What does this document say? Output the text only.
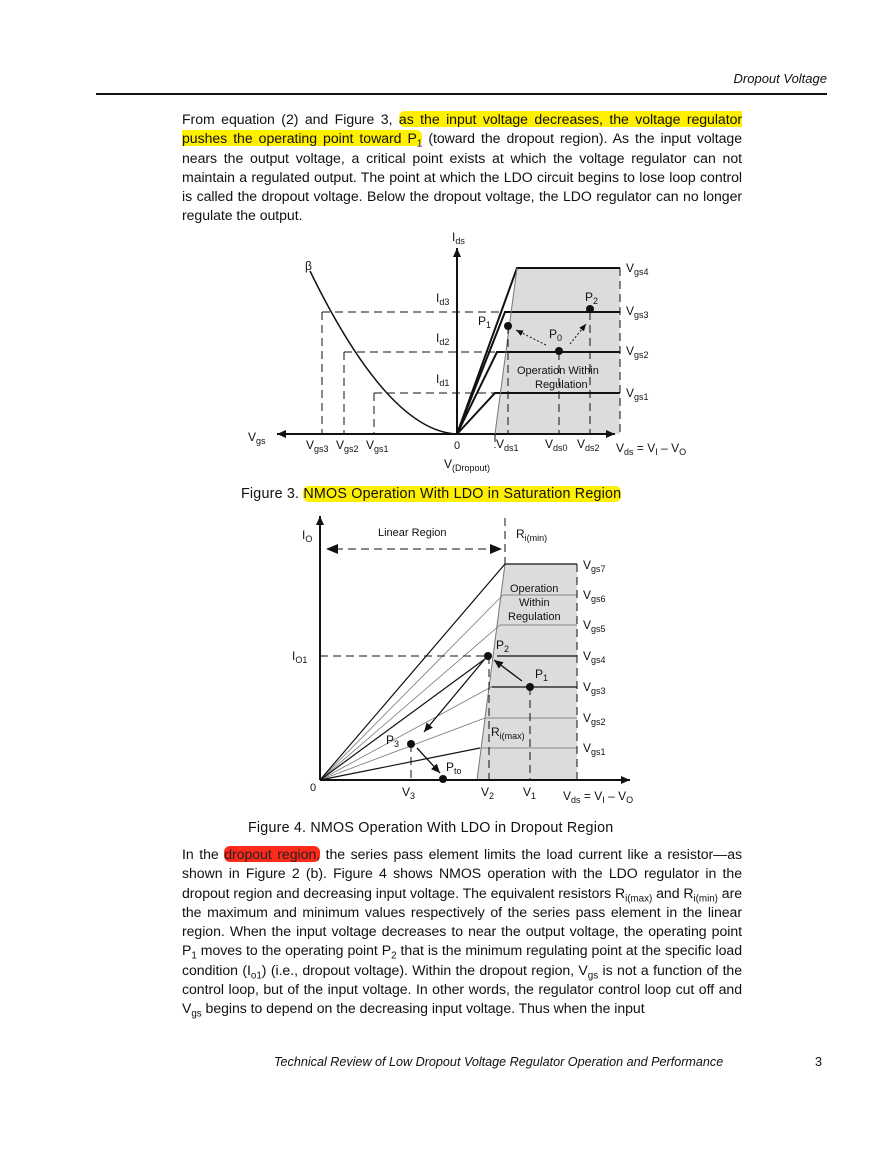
Dropout Voltage
From equation (2) and Figure 3, as the input voltage decreases, the voltage regulator pushes the operating point toward $P_1$ (toward the dropout region). As the input voltage nears the output voltage, a critical point exists at which the voltage regulator can not maintain a regulated output. The point at which the LDO circuit begins to lose loop control is called the dropout voltage. Below the dropout voltage, the LDO regulator can no longer regulate the output.
$I_{ds}$
β
$V_{gs}$	0
$V_{gs4}$
$V_{gs3}$
$V_{gs2}$
$V_{gs1}$
$I_{d3}$
$I_{d2}$
$I_{d1}$
$P_1$
$P_0$
$P_2$
Operation Within
Regulation
$V_{gs3}$ $V_{gs2}$ $V_{gs1}$	$V_{ds1}$ $V_{ds0}$ $V_{ds2}$ $V_{ds} = V_I - V_O$
$V_{(Dropout)}$
Figure 3. NMOS Operation With LDO in Saturation Region
$I_O$	Linear Region	$R_{i(min)}$
Operation
Within
Regulation
$V_{gs7}$
$V_{gs6}$
$V_{gs5}$
$V_{gs4}$
$V_{gs3}$
$V_{gs2}$
$V_{gs1}$
$I_{O1}$
$P_2$
$P_1$
$P_3$
$P_{to}$
$R_{i(max)}$
0	$V_3$	$V_2$ $V_1$ $V_{ds} = V_I - V_O$
Figure 4. NMOS Operation With LDO in Dropout Region
In the dropout region, the series pass element limits the load current like a resistor—as shown in Figure 2 (b). Figure 4 shows NMOS operation with the LDO regulator in the dropout region and decreasing input voltage. The equivalent resistors $R_{i(max)}$ and $R_{i(min)}$ are the maximum and minimum values respectively of the series pass element in the linear region. When the input voltage decreases to near the output voltage, the operating point $P_1$ moves to the operating point $P_2$ that is the minimum regulating point at the specific load condition $(I_{o1})$ (i.e., dropout voltage). Within the dropout region, $V_{gs}$ is not a function of the control loop, but of the input voltage. In other words, the regulator control loop cut off and $V_{gs}$ begins to depend on the decreasing input voltage. Thus when the input
Technical Review of Low Dropout Voltage Regulator Operation and Performance	3
